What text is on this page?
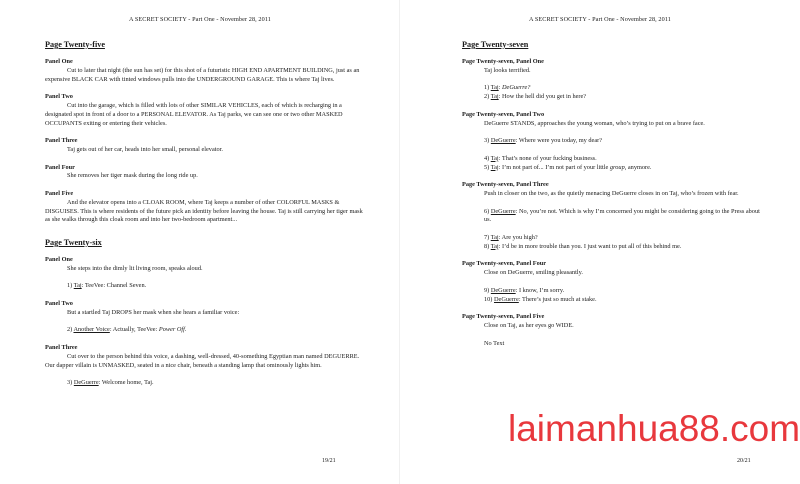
A SECRET SOCIETY - Part One - November 28, 2011

Page Twenty-five

Panel One

Cut to later that night (the sun has set) for this shot of a futuristic HIGH END APARTMENT BUILDING, just as an expensive BLACK CAR with tinted windows pulls into the UNDERGROUND GARAGE. This is where Taj lives.

Panel Two

Cut into the garage, which is filled with lots of other SIMILAR VEHICLES, each of which is recharging in a designated spot in front of a door to a PERSONAL ELEVATOR. As Taj parks, we can see one or two other MASKED OCCUPANTS exiting or entering their vehicles.

Panel Three

Taj gets out of her car, heads into her small, personal elevator.

Panel Four

She removes her tiger mask during the long ride up.

Panel Five

And the elevator opens into a CLOAK ROOM, where Taj keeps a number of other COLORFUL MASKS & DISGUISES. This is where residents of the future pick an identity before leaving the house. Taj is still carrying her tiger mask as she walks through this cloak room and into her two-bedroom apartment...

Page Twenty-six

Panel One

She steps into the dimly lit living room, speaks aloud.

1) Taj: TeeVee: Channel Seven.

Panel Two

But a startled Taj DROPS her mask when she hears a familiar voice:

2) Another Voice: Actually, TeeVee: Power Off.

Panel Three

Cut over to the person behind this voice, a dashing, well-dressed, 40-something Egyptian man named DEGUERRE. Our dapper villain is UNMASKED, seated in a nice chair, beneath a standing lamp that ominously lights him.

3) DeGuerre: Welcome home, Taj.

19/21
A SECRET SOCIETY - Part One - November 28, 2011

Page Twenty-seven

Page Twenty-seven, Panel One

Taj looks terrified.

1) Taj: DeGuerre?

2) Taj: How the hell did you get in here?

Page Twenty-seven, Panel Two

DeGuerre STANDS, approaches the young woman, who’s trying to put on a brave face.

3) DeGuerre: Where were you today, my dear?

4) Taj: That’s none of your fucking business.

5) Taj: I’m not part of... I’m not part of your little group, anymore.

Page Twenty-seven, Panel Three

Push in closer on the two, as the quietly menacing DeGuerre closes in on Taj, who’s frozen with fear.

6) DeGuerre: No, you’re not. Which is why I’m concerned you might be considering going to the Press about us.

7) Taj: Are you high?

8) Taj: I’d be in more trouble than you. I just want to put all of this behind me.

Page Twenty-seven, Panel Four

Close on DeGuerre, smiling pleasantly.

9) DeGuerre: I know, I’m sorry.

10) DeGuerre: There’s just so much at stake.

Page Twenty-seven, Panel Five

Close on Taj, as her eyes go WIDE.

No Text

20/21
laimanhua88.com
